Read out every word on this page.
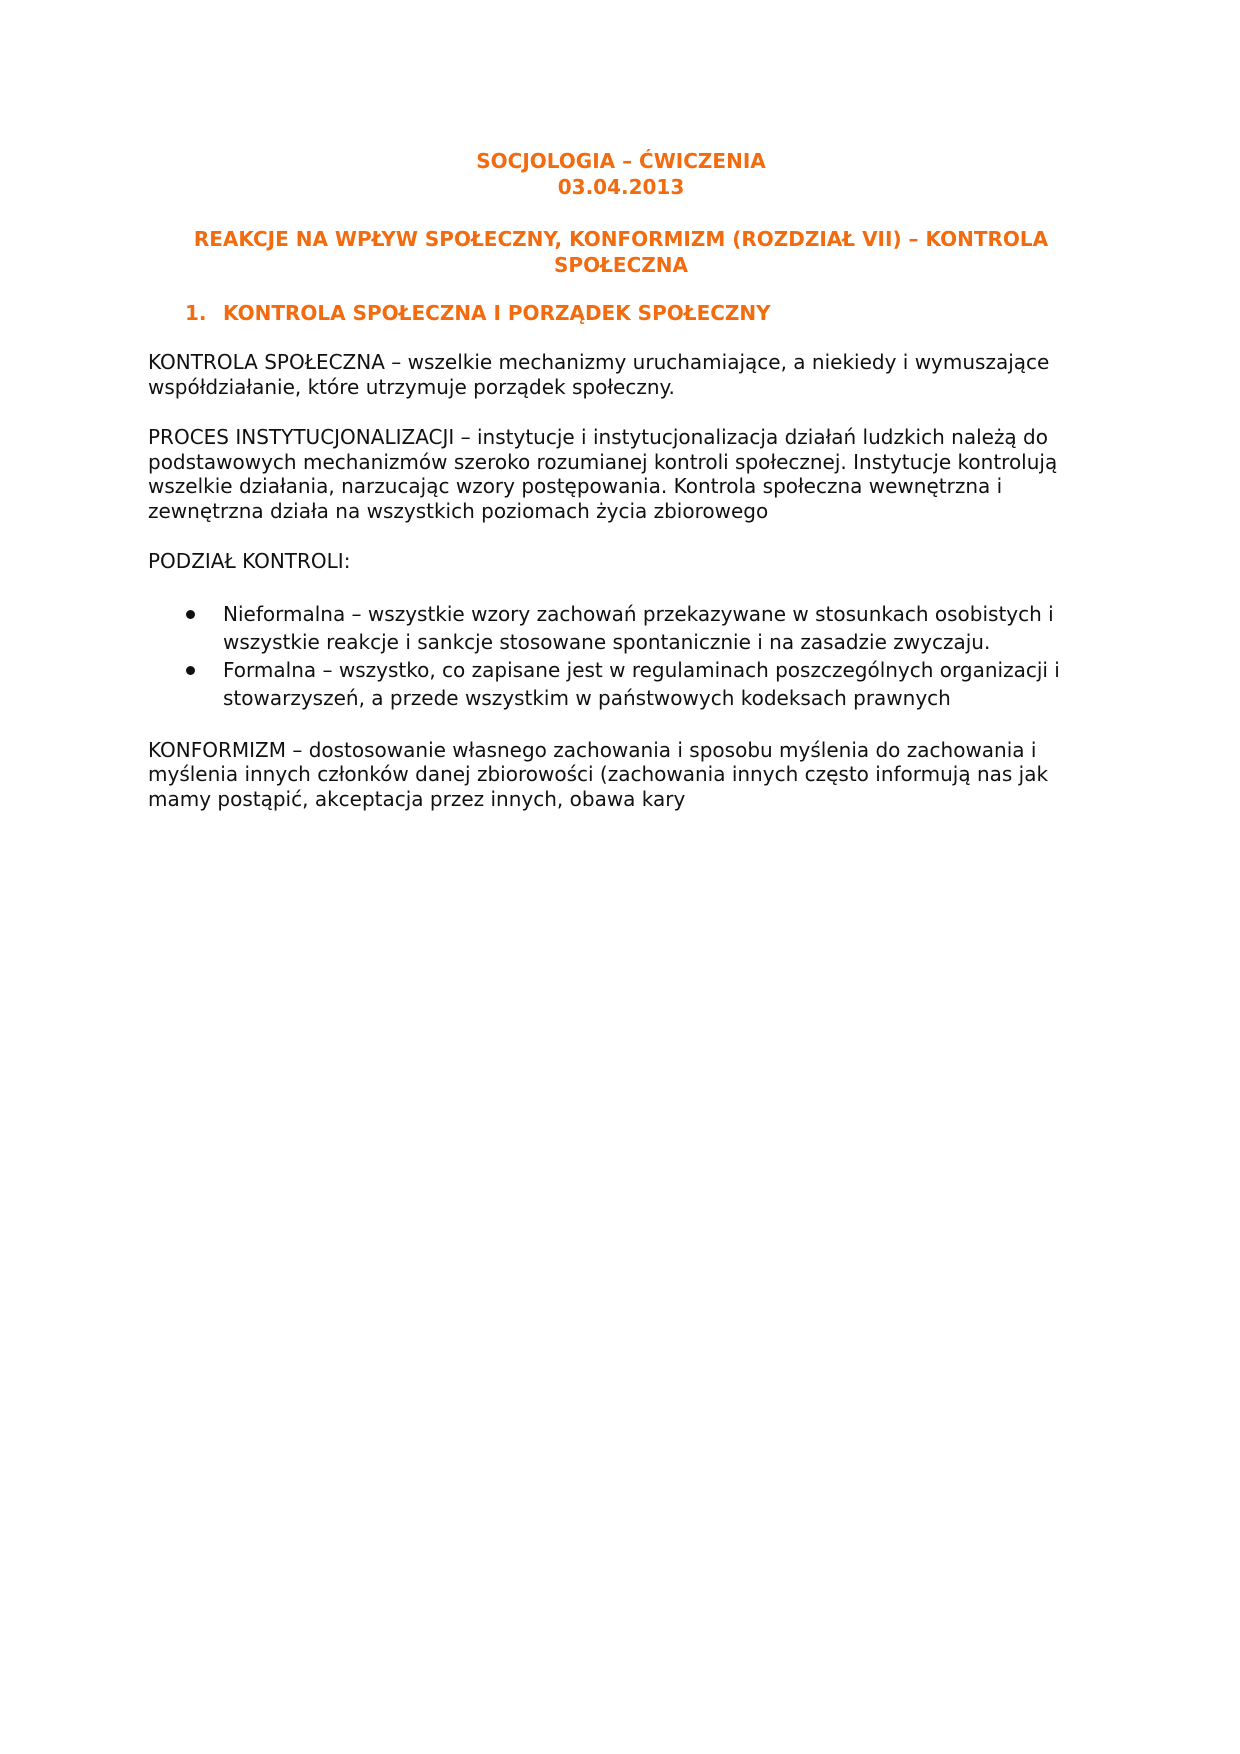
SOCJOLOGIA – ĆWICZENIA
03.04.2013

REAKCJE NA WPŁYW SPOŁECZNY, KONFORMIZM (ROZDZIAŁ VII) – KONTROLA SPOŁECZNA

1. KONTROLA SPOŁECZNA I PORZĄDEK SPOŁECZNY

KONTROLA SPOŁECZNA – wszelkie mechanizmy uruchamiające, a niekiedy i wymuszające współdziałanie, które utrzymuje porządek społeczny.

PROCES INSTYTUCJONALIZACJI – instytucje i instytucjonalizacja działań ludzkich należą do podstawowych mechanizmów szeroko rozumianej kontroli społecznej. Instytucje kontrolują wszelkie działania, narzucając wzory postępowania. Kontrola społeczna wewnętrzna i zewnętrzna działa na wszystkich poziomach życia zbiorowego

PODZIAŁ KONTROLI:

Nieformalna – wszystkie wzory zachowań przekazywane w stosunkach osobistych i wszystkie reakcje i sankcje stosowane spontanicznie i na zasadzie zwyczaju.
Formalna – wszystko, co zapisane jest w regulaminach poszczególnych organizacji i stowarzyszeń, a przede wszystkim w państwowych kodeksach prawnych

KONFORMIZM – dostosowanie własnego zachowania i sposobu myślenia do zachowania i myślenia innych członków danej zbiorowości (zachowania innych często informują nas jak mamy postąpić, akceptacja przez innych, obawa kary
